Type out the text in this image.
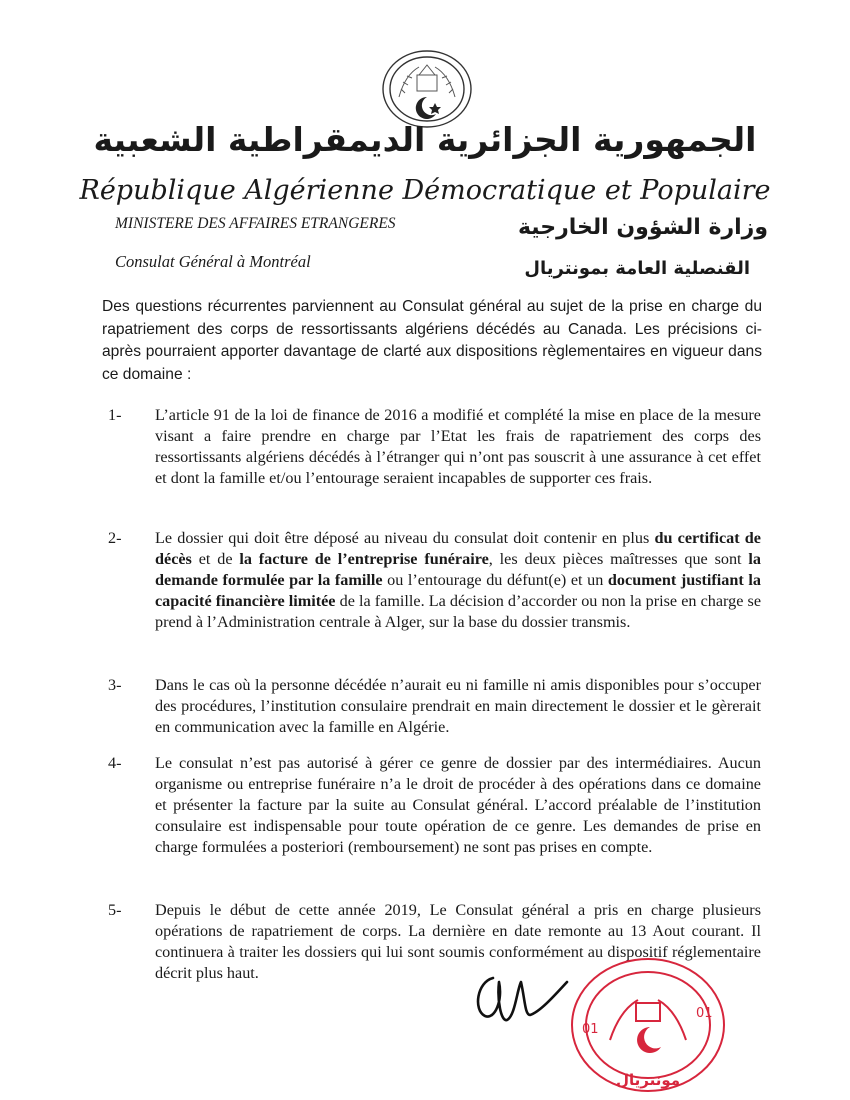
الجمهورية الجزائرية الديمقراطية الشعبية
République Algérienne Démocratique et Populaire
MINISTERE DES AFFAIRES ETRANGERES	وزارة الشؤون الخارجية
Consulat Général à Montréal	القنصلية العامة بمونتريال
Des questions récurrentes parviennent au Consulat général au sujet de la prise en charge du rapatriement des corps de ressortissants algériens décédés au Canada. Les précisions ci-après pourraient apporter davantage de clarté aux dispositions règlementaires en vigueur dans ce domaine :
1-	L’article 91 de la loi de finance de 2016 a modifié et complété la mise en place de la mesure visant a faire prendre en charge par l’Etat les frais de rapatriement des corps des ressortissants algériens décédés à l’étranger qui n’ont pas souscrit à une assurance à cet effet et dont la famille et/ou l’entourage seraient incapables de supporter ces frais.
2-	Le dossier qui doit être déposé au niveau du consulat doit contenir en plus du certificat de décès et de la facture de l’entreprise funéraire, les deux pièces maîtresses que sont la demande formulée par la famille ou l’entourage du défunt(e) et un document justifiant la capacité financière limitée de la famille. La décision d’accorder ou non la prise en charge se prend à l’Administration centrale à Alger, sur la base du dossier transmis.
3-	Dans le cas où la personne décédée n’aurait eu ni famille ni amis disponibles pour s’occuper des procédures, l’institution consulaire prendrait en main directement le dossier et le gèrerait en communication avec la famille en Algérie.
4-	Le consulat n’est pas autorisé à gérer ce genre de dossier par des intermédiaires. Aucun organisme ou entreprise funéraire n’a le droit de procéder à des opérations dans ce domaine et présenter la facture par la suite au Consulat général. L’accord préalable de l’institution consulaire est indispensable pour toute opération de ce genre. Les demandes de prise en charge formulées a posteriori (remboursement) ne sont pas prises en compte.
5-	Depuis le début de cette année 2019, Le Consulat général a pris en charge plusieurs opérations de rapatriement de corps. La dernière en date remonte au 13 Aout courant. Il continuera à traiter les dossiers qui lui sont soumis conformément au dispositif réglementaire décrit plus haut.
01
01
مونتريال
